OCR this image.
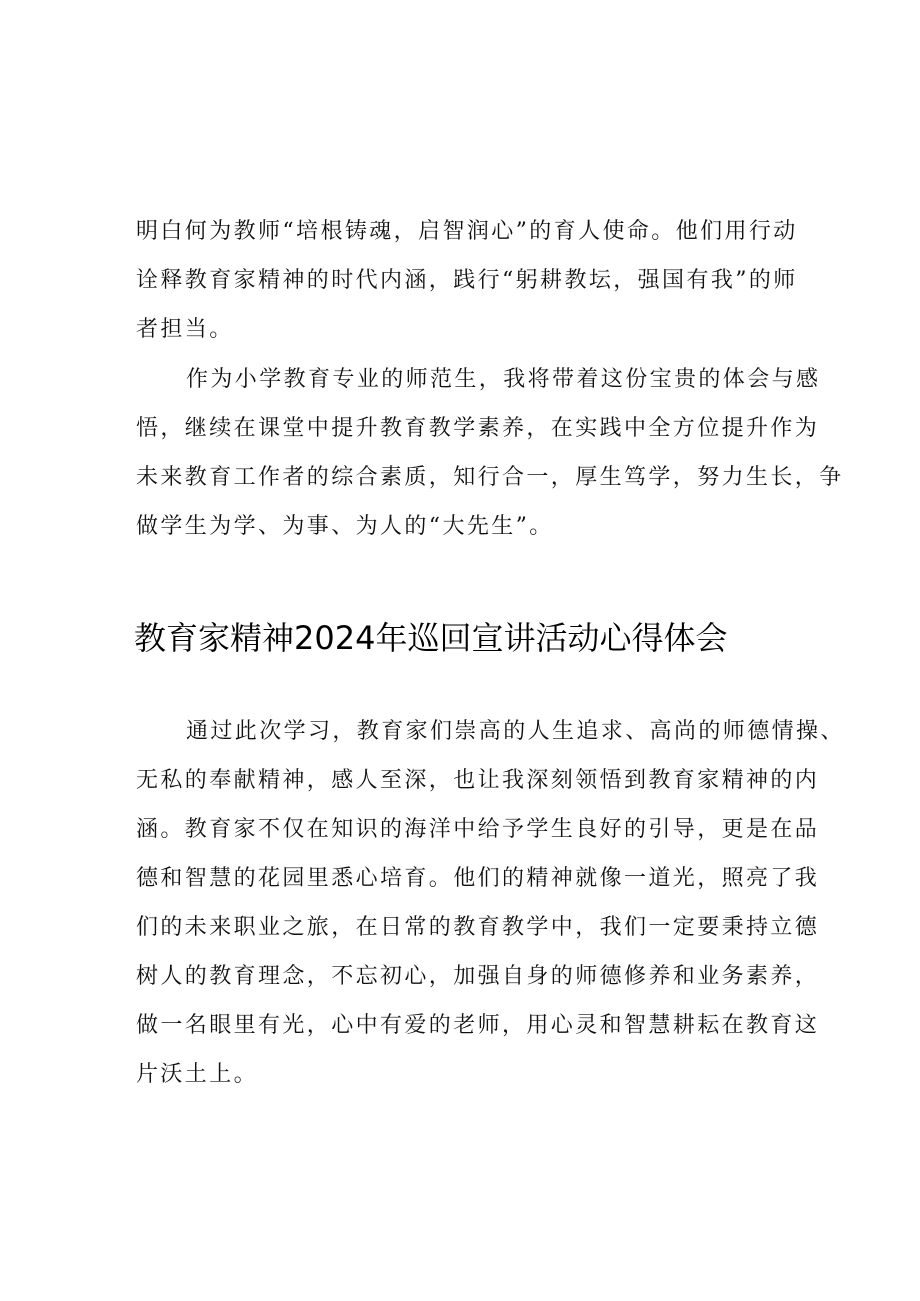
明白何为教师“培根铸魂，启智润心”的育人使命。他们用行动

诠释教育家精神的时代内涵，践行“躬耕教坛，强国有我”的师

者担当。

作为小学教育专业的师范生，我将带着这份宝贵的体会与感

悟，继续在课堂中提升教育教学素养，在实践中全方位提升作为

未来教育工作者的综合素质，知行合一，厚生笃学，努力生长，争

做学生为学、为事、为人的“大先生”。

教育家精神2024年巡回宣讲活动心得体会

通过此次学习，教育家们崇高的人生追求、高尚的师德情操、

无私的奉献精神，感人至深，也让我深刻领悟到教育家精神的内

涵。教育家不仅在知识的海洋中给予学生良好的引导，更是在品

德和智慧的花园里悉心培育。他们的精神就像一道光，照亮了我

们的未来职业之旅，在日常的教育教学中，我们一定要秉持立德

树人的教育理念，不忘初心，加强自身的师德修养和业务素养，

做一名眼里有光，心中有爱的老师，用心灵和智慧耕耘在教育这

片沃土上。
